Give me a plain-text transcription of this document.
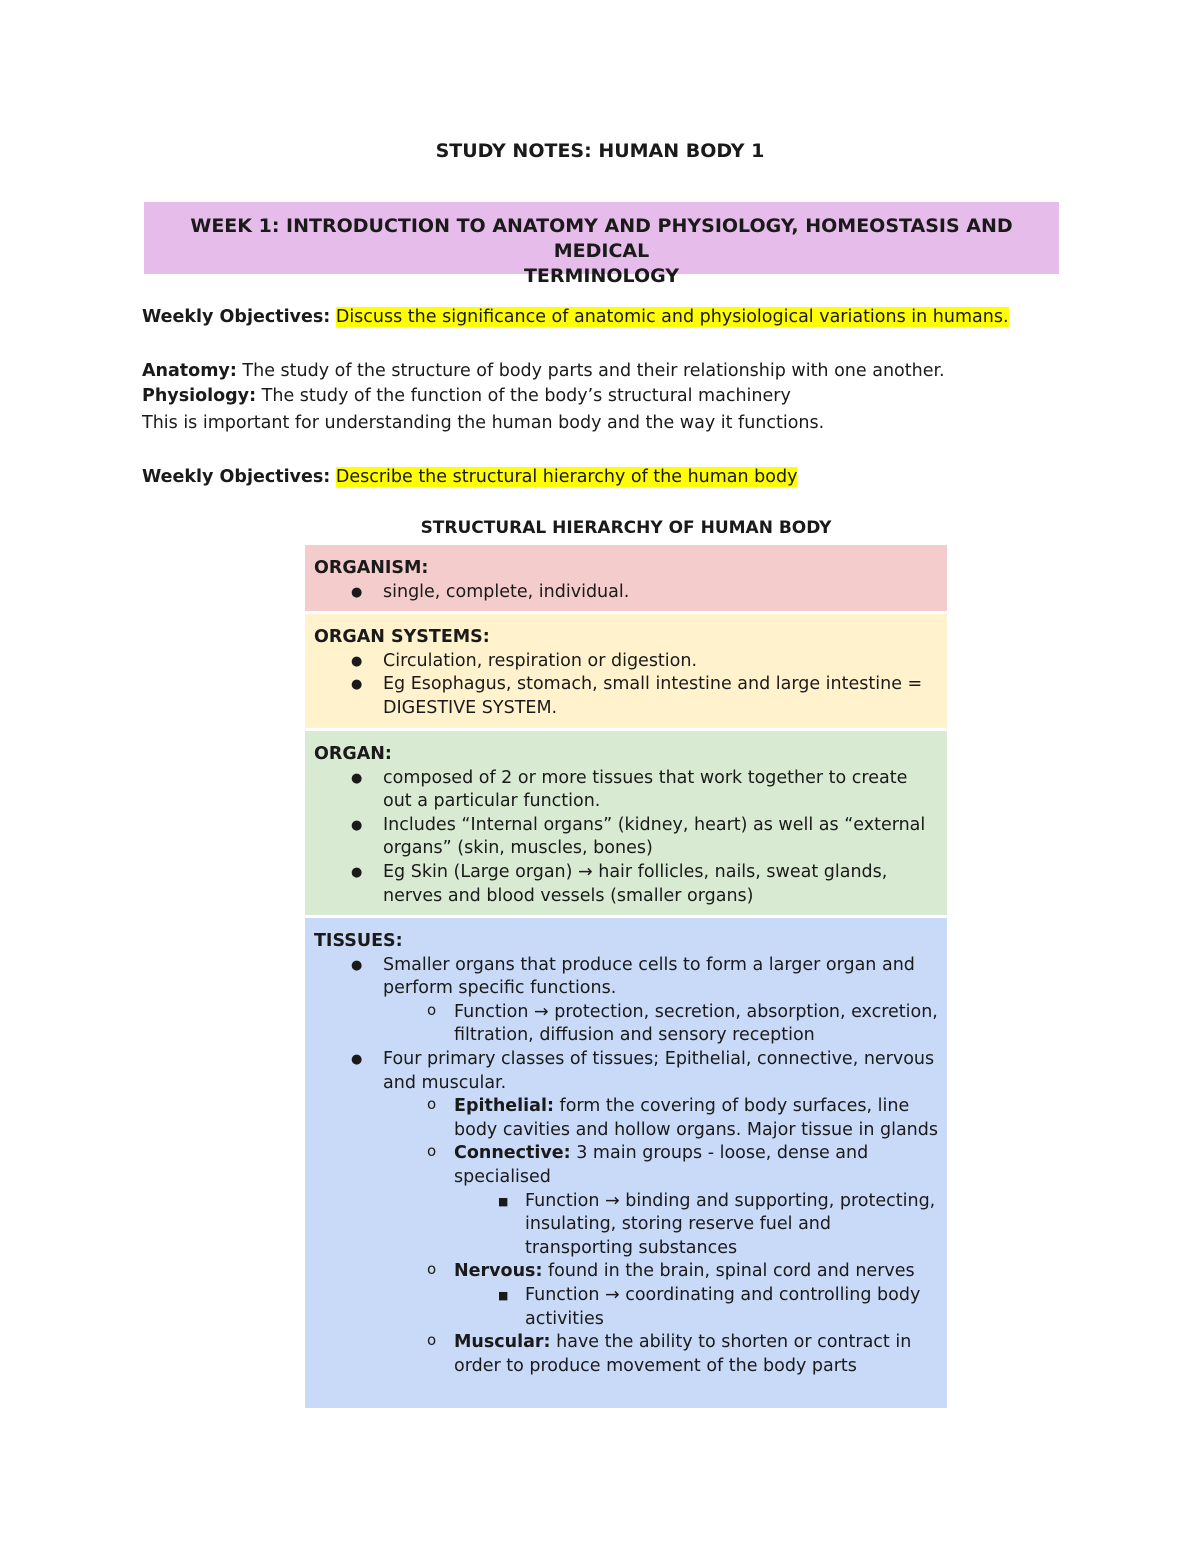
STUDY NOTES: HUMAN BODY 1
WEEK 1: INTRODUCTION TO ANATOMY AND PHYSIOLOGY, HOMEOSTASIS AND MEDICAL
TERMINOLOGY
Weekly Objectives: Discuss the significance of anatomic and physiological variations in humans.
Anatomy: The study of the structure of body parts and their relationship with one another.
Physiology: The study of the function of the body’s structural machinery
This is important for understanding the human body and the way it functions.
Weekly Objectives: Describe the structural hierarchy of the human body
STRUCTURAL HIERARCHY OF HUMAN BODY
ORGANISM:
● single, complete, individual.
ORGAN SYSTEMS:
● Circulation, respiration or digestion.
● Eg Esophagus, stomach, small intestine and large intestine = DIGESTIVE SYSTEM.
ORGAN:
● composed of 2 or more tissues that work together to create out a particular function.
● Includes “Internal organs” (kidney, heart) as well as “external organs” (skin, muscles, bones)
● Eg Skin (Large organ) → hair follicles, nails, sweat glands, nerves and blood vessels (smaller organs)
TISSUES:
● Smaller organs that produce cells to form a larger organ and perform specific functions.
o Function → protection, secretion, absorption, excretion, filtration, diffusion and sensory reception
● Four primary classes of tissues; Epithelial, connective, nervous and muscular.
o Epithelial: form the covering of body surfaces, line body cavities and hollow organs. Major tissue in glands
o Connective: 3 main groups - loose, dense and specialised
■ Function → binding and supporting, protecting, insulating, storing reserve fuel and transporting substances
o Nervous: found in the brain, spinal cord and nerves
■ Function → coordinating and controlling body activities
o Muscular: have the ability to shorten or contract in order to produce movement of the body parts
